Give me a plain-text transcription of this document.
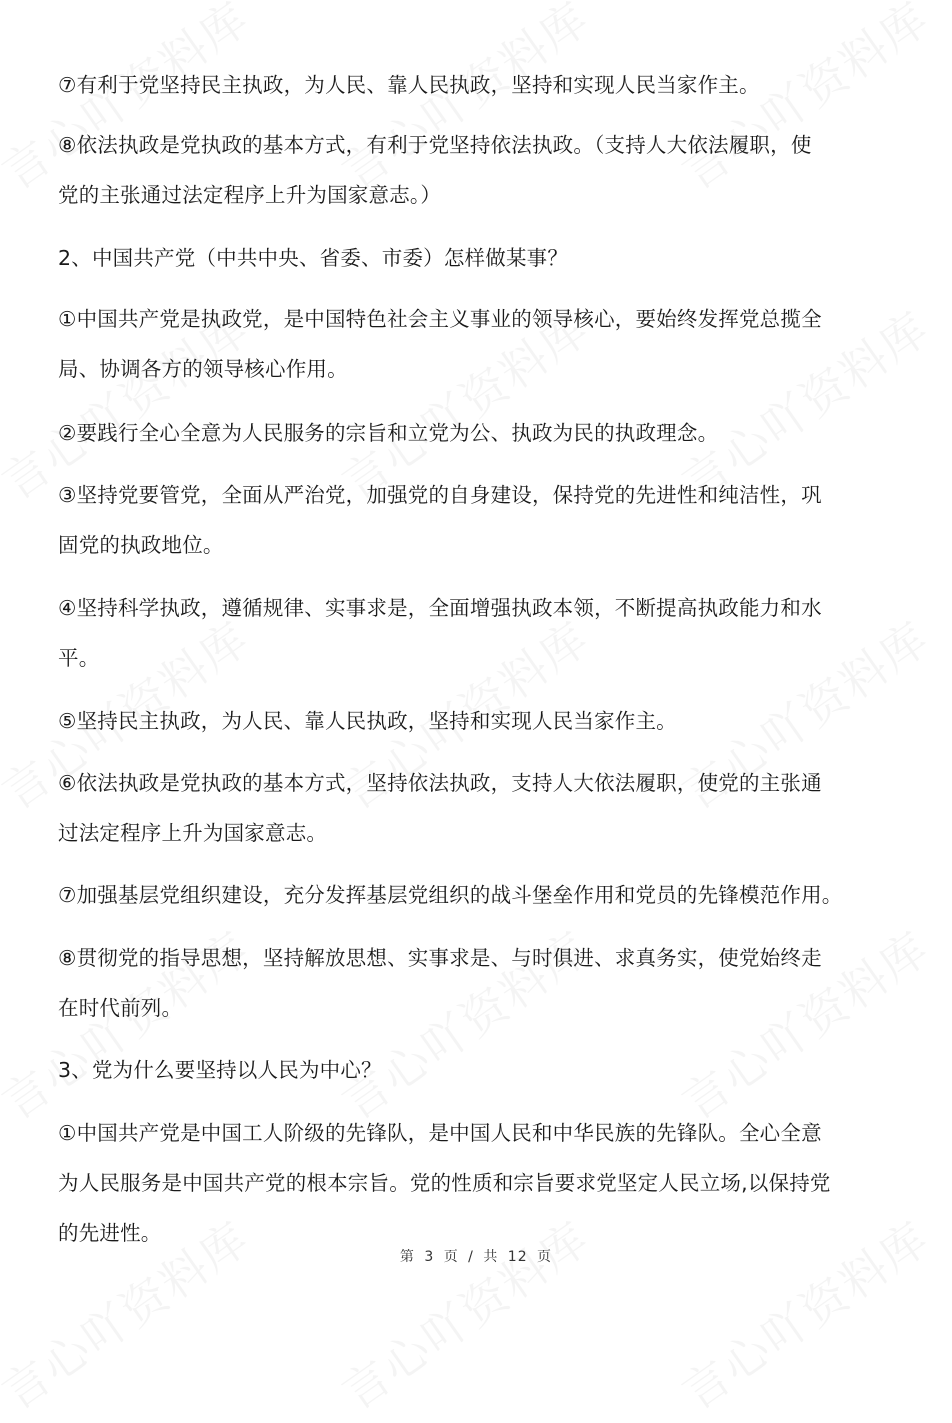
⑦有利于党坚持民主执政，为人民、靠人民执政，坚持和实现人民当家作主。
⑧依法执政是党执政的基本方式，有利于党坚持依法执政。（支持人大依法履职，使
党的主张通过法定程序上升为国家意志。）
2、中国共产党（中共中央、省委、市委）怎样做某事？
①中国共产党是执政党，是中国特色社会主义事业的领导核心，要始终发挥党总揽全
局、协调各方的领导核心作用。
②要践行全心全意为人民服务的宗旨和立党为公、执政为民的执政理念。
③坚持党要管党，全面从严治党，加强党的自身建设，保持党的先进性和纯洁性，巩
固党的执政地位。
④坚持科学执政，遵循规律、实事求是，全面增强执政本领，不断提高执政能力和水
平。
⑤坚持民主执政，为人民、靠人民执政，坚持和实现人民当家作主。
⑥依法执政是党执政的基本方式，坚持依法执政，支持人大依法履职，使党的主张通
过法定程序上升为国家意志。
⑦加强基层党组织建设，充分发挥基层党组织的战斗堡垒作用和党员的先锋模范作用。
⑧贯彻党的指导思想，坚持解放思想、实事求是、与时俱进、求真务实，使党始终走
在时代前列。
3、党为什么要坚持以人民为中心？
①中国共产党是中国工人阶级的先锋队，是中国人民和中华民族的先锋队。全心全意
为人民服务是中国共产党的根本宗旨。党的性质和宗旨要求党坚定人民立场,以保持党
的先进性。
第 3 页 / 共 12 页
